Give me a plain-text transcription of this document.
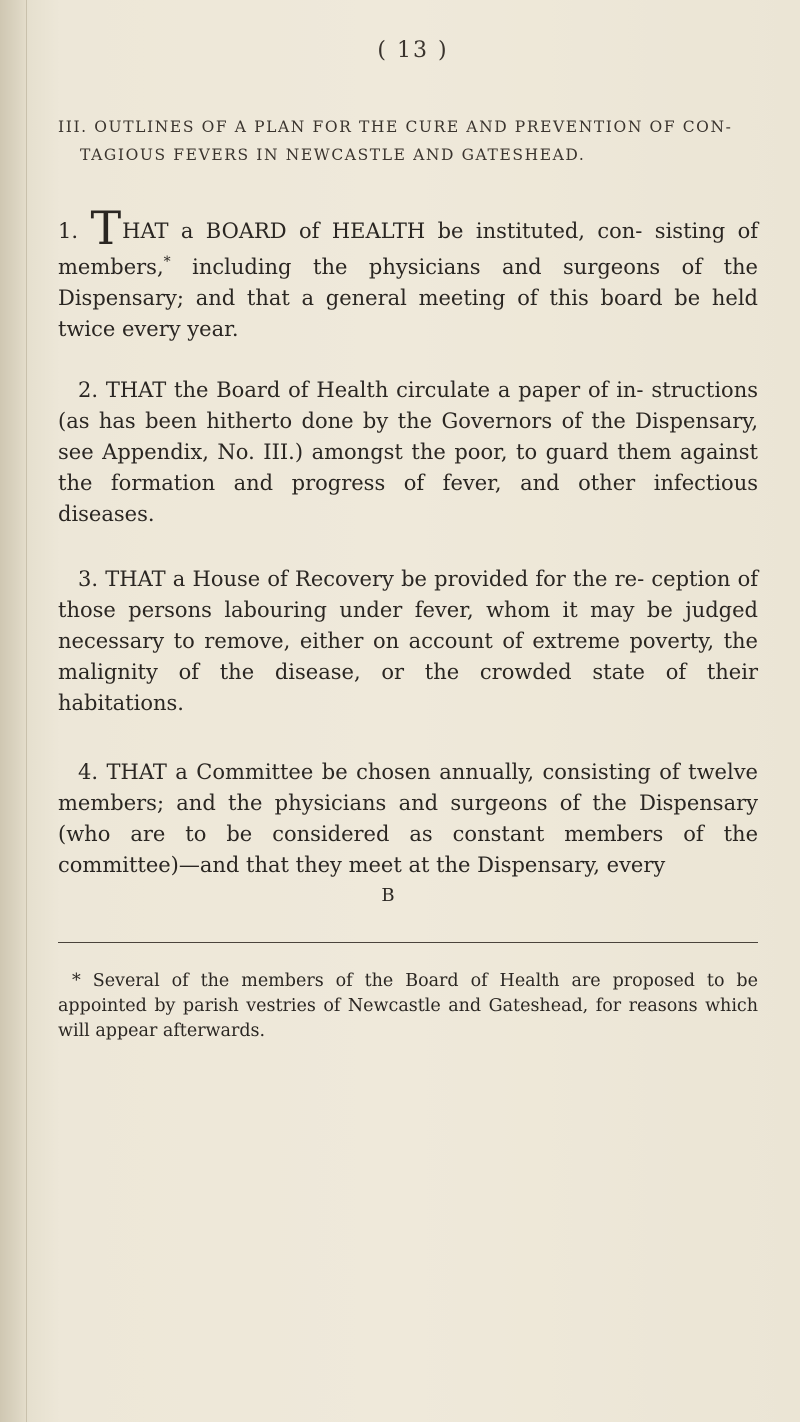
( 13 )
III. OUTLINES OF A PLAN FOR THE CURE AND PREVENTION OF CON-
TAGIOUS FEVERS IN NEWCASTLE AND GATESHEAD.

1. THAT a BOARD of HEALTH be instituted, con- sisting of members,* including the physicians and surgeons of the Dispensary; and that a general meeting of this board be held twice every year.

2. THAT the Board of Health circulate a paper of in- structions (as has been hitherto done by the Governors of the Dispensary, see Appendix, No. III.) amongst the poor, to guard them against the formation and progress of fever, and other infectious diseases.

3. THAT a House of Recovery be provided for the re- ception of those persons labouring under fever, whom it may be judged necessary to remove, either on account of extreme poverty, the malignity of the disease, or the crowded state of their habitations.

4. THAT a Committee be chosen annually, consisting of twelve members; and the physicians and surgeons of the Dispensary (who are to be considered as constant members of the committee)—and that they meet at the Dispensary, every

B

* Several of the members of the Board of Health are proposed to be appointed by parish vestries of Newcastle and Gateshead, for reasons which will appear afterwards.
